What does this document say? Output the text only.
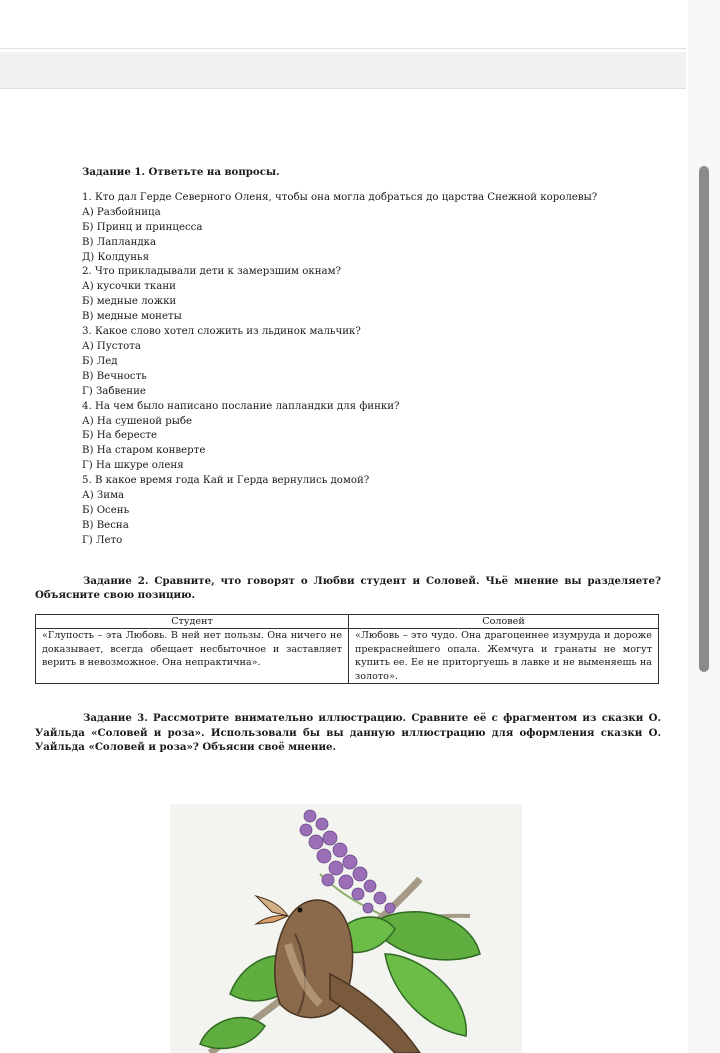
Задание 1. Ответьте на вопросы.
1. Кто дал Герде Северного Оленя, чтобы она могла добраться до царства Снежной королевы?
А) Разбойница
Б) Принц и принцесса
В) Лапландка
Д) Колдунья
2. Что прикладывали дети к замерзшим окнам?
А) кусочки ткани
Б) медные ложки
В) медные монеты
3. Какое слово хотел сложить из льдинок мальчик?
А) Пустота
Б) Лед
В) Вечность
Г) Забвение
4. На чем было написано послание лапландки для финки?
А) На сушеной рыбе
Б) На бересте
В) На старом конверте
Г) На шкуре оленя
5. В какое время года Кай и Герда вернулись домой?
А) Зима
Б) Осень
В) Весна
Г) Лето
Задание 2. Сравните, что говорят о Любви студент и Соловей. Чьё мнение вы разделяете? Объясните свою позицию.
Студент	Соловей
«Глупость – эта Любовь. В ней нет пользы. Она ничего не доказывает, всегда обещает несбыточное и заставляет верить в невозможное. Она непрактична».	«Любовь – это чудо. Она драгоценнее изумруда и дороже прекраснейшего опала. Жемчуга и гранаты не могут купить ее. Ее не приторгуешь в лавке и не выменяешь на золото».
Задание 3. Рассмотрите внимательно иллюстрацию. Сравните её с фрагментом из сказки О. Уайльда «Соловей и роза». Использовали бы вы данную иллюстрацию для оформления сказки О. Уайльда «Соловей и роза»? Объясни своё мнение.
